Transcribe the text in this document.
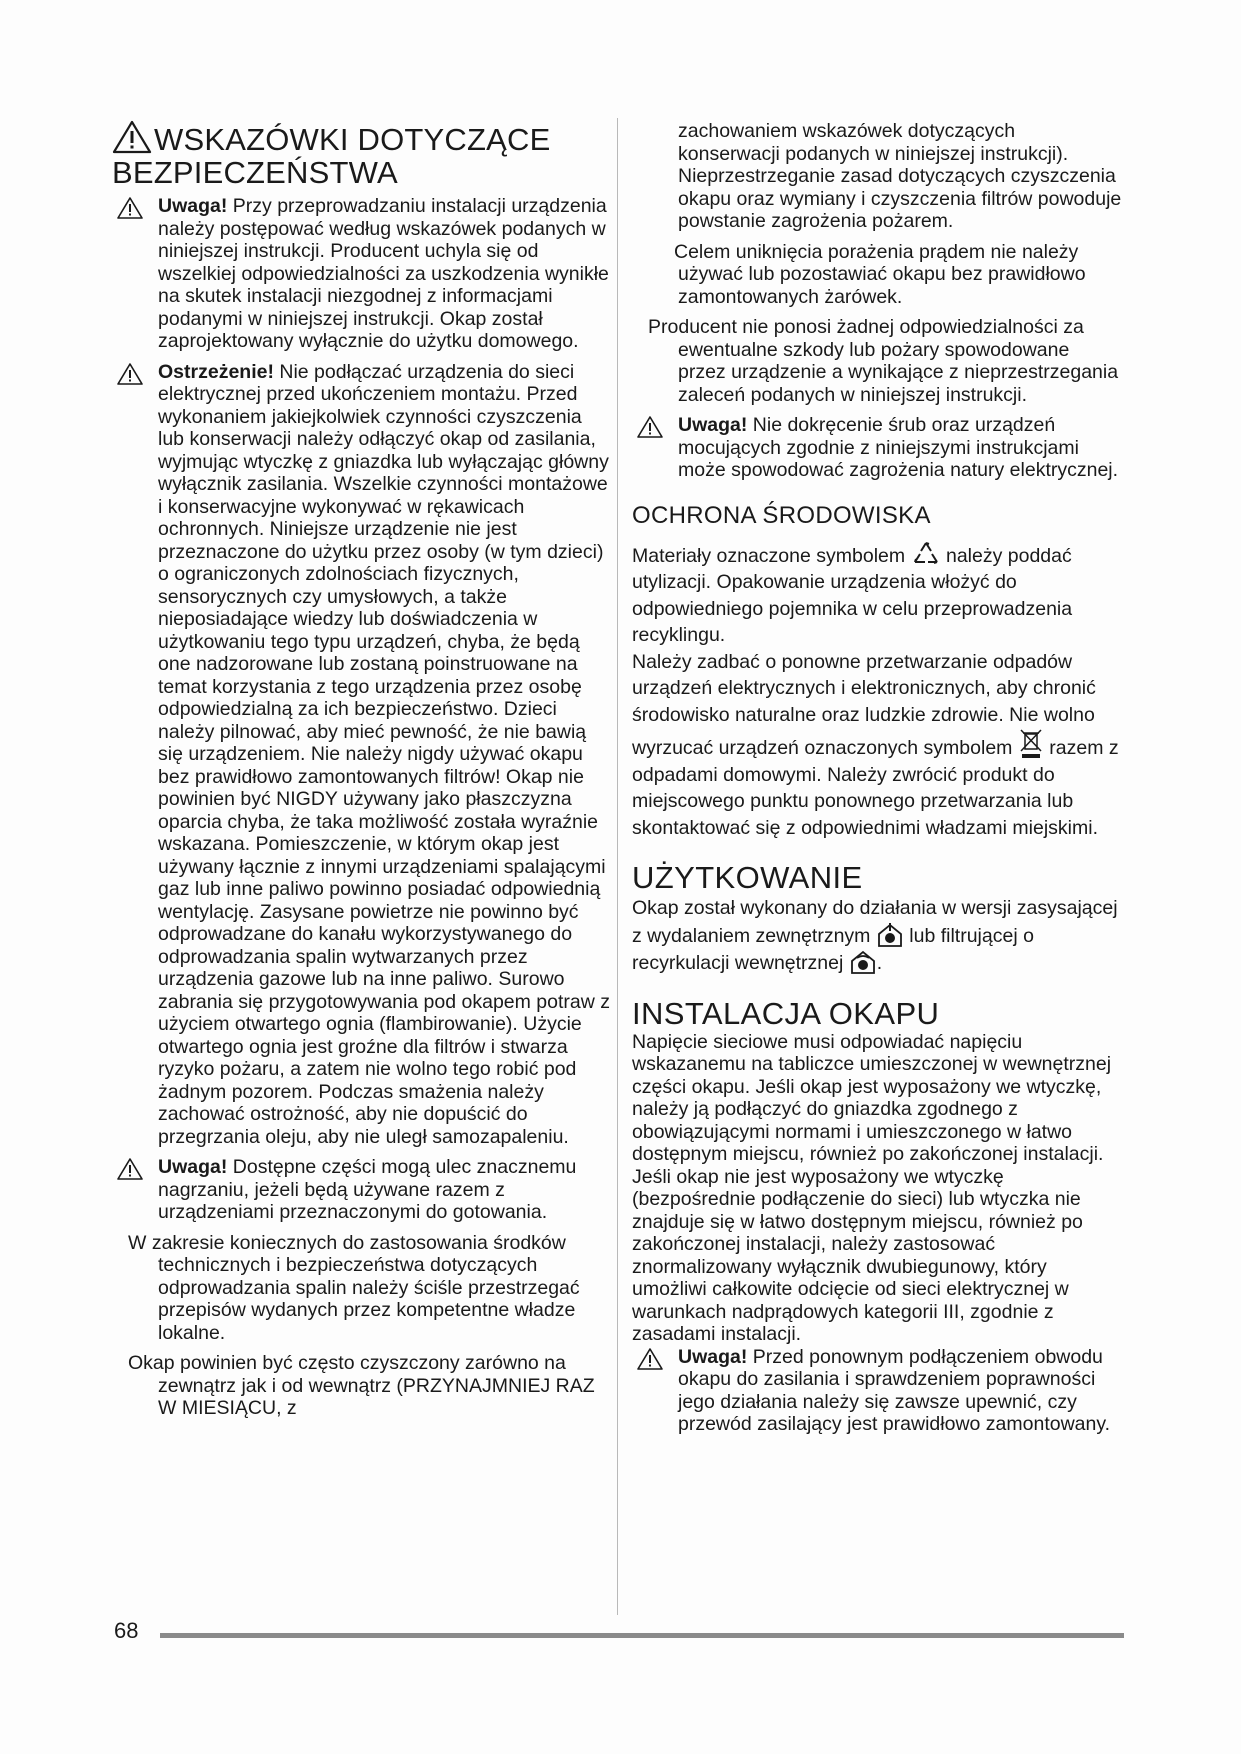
WSKAZÓWKI DOTYCZĄCE BEZPIECZEŃSTWA

Uwaga! Przy przeprowadzaniu instalacji urządzenia należy postępować według wskazówek podanych w niniejszej instrukcji. Producent uchyla się od wszelkiej odpowiedzialności za uszkodzenia wynikłe na skutek instalacji niezgodnej z informacjami podanymi w niniejszej instrukcji. Okap został zaprojektowany wyłącznie do użytku domowego.

Ostrzeżenie! Nie podłączać urządzenia do sieci elektrycznej przed ukończeniem montażu. Przed wykonaniem jakiejkolwiek czynności czyszczenia lub konserwacji należy odłączyć okap od zasilania, wyjmując wtyczkę z gniazdka lub wyłączając główny wyłącznik zasilania. Wszelkie czynności montażowe i konserwacyjne wykonywać w rękawicach ochronnych. Niniejsze urządzenie nie jest przeznaczone do użytku przez osoby (w tym dzieci) o ograniczonych zdolnościach fizycznych, sensorycznych czy umysłowych, a także nieposiadające wiedzy lub doświadczenia w użytkowaniu tego typu urządzeń, chyba, że będą one nadzorowane lub zostaną poinstruowane na temat korzystania z tego urządzenia przez osobę odpowiedzialną za ich bezpieczeństwo. Dzieci należy pilnować, aby mieć pewność, że nie bawią się urządzeniem. Nie należy nigdy używać okapu bez prawidłowo zamontowanych filtrów! Okap nie powinien być NIGDY używany jako płaszczyzna oparcia chyba, że taka możliwość została wyraźnie wskazana. Pomieszczenie, w którym okap jest używany łącznie z innymi urządzeniami spalającymi gaz lub inne paliwo powinno posiadać odpowiednią wentylację. Zasysane powietrze nie powinno być odprowadzane do kanału wykorzystywanego do odprowadzania spalin wytwarzanych przez urządzenia gazowe lub na inne paliwo. Surowo zabrania się przygotowywania pod okapem potraw z użyciem otwartego ognia (flambirowanie). Użycie otwartego ognia jest groźne dla filtrów i stwarza ryzyko pożaru, a zatem nie wolno tego robić pod żadnym pozorem. Podczas smażenia należy zachować ostrożność, aby nie dopuścić do przegrzania oleju, aby nie uległ samozapaleniu.

Uwaga! Dostępne części mogą ulec znacznemu nagrzaniu, jeżeli będą używane razem z urządzeniami przeznaczonymi do gotowania.

W zakresie koniecznych do zastosowania środków technicznych i bezpieczeństwa dotyczących odprowadzania spalin należy ściśle przestrzegać przepisów wydanych przez kompetentne władze lokalne.

Okap powinien być często czyszczony zarówno na zewnątrz jak i od wewnątrz (PRZYNAJMNIEJ RAZ W MIESIĄCU, z

zachowaniem wskazówek dotyczących konserwacji podanych w niniejszej instrukcji). Nieprzestrzeganie zasad dotyczących czyszczenia okapu oraz wymiany i czyszczenia filtrów powoduje powstanie zagrożenia pożarem.

Celem uniknięcia porażenia prądem nie należy używać lub pozostawiać okapu bez prawidłowo zamontowanych żarówek.

Producent nie ponosi żadnej odpowiedzialności za ewentualne szkody lub pożary spowodowane przez urządzenie a wynikające z nieprzestrzegania zaleceń podanych w niniejszej instrukcji.

Uwaga! Nie dokręcenie śrub oraz urządzeń mocujących zgodnie z niniejszymi instrukcjami może spowodować zagrożenia natury elektrycznej.

OCHRONA ŚRODOWISKA

Materiały oznaczone symbolem należy poddać utylizacji. Opakowanie urządzenia włożyć do odpowiedniego pojemnika w celu przeprowadzenia recyklingu.

Należy zadbać o ponowne przetwarzanie odpadów urządzeń elektrycznych i elektronicznych, aby chronić środowisko naturalne oraz ludzkie zdrowie. Nie wolno wyrzucać urządzeń oznaczonych symbolem razem z odpadami domowymi. Należy zwrócić produkt do miejscowego punktu ponownego przetwarzania lub skontaktować się z odpowiednimi władzami miejskimi.

UŻYTKOWANIE

Okap został wykonany do działania w wersji zasysającej z wydalaniem zewnętrznym lub filtrującej o recyrkulacji wewnętrznej .

INSTALACJA OKAPU

Napięcie sieciowe musi odpowiadać napięciu wskazanemu na tabliczce umieszczonej w wewnętrznej części okapu. Jeśli okap jest wyposażony we wtyczkę, należy ją podłączyć do gniazdka zgodnego z obowiązującymi normami i umieszczonego w łatwo dostępnym miejscu, również po zakończonej instalacji.

Jeśli okap nie jest wyposażony we wtyczkę (bezpośrednie podłączenie do sieci) lub wtyczka nie znajduje się w łatwo dostępnym miejscu, również po zakończonej instalacji, należy zastosować znormalizowany wyłącznik dwubiegunowy, który umożliwi całkowite odcięcie od sieci elektrycznej w warunkach nadprądowych kategorii III, zgodnie z zasadami instalacji.

Uwaga! Przed ponownym podłączeniem obwodu okapu do zasilania i sprawdzeniem poprawności jego działania należy się zawsze upewnić, czy przewód zasilający jest prawidłowo zamontowany.

68
